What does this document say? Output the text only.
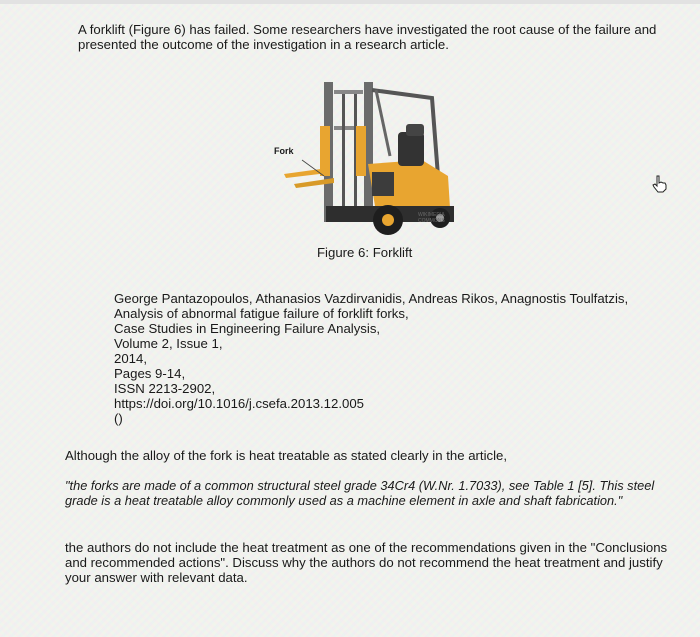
A forklift (Figure 6) has failed. Some researchers have investigated the root cause of the failure and presented the outcome of the investigation in a research article.

Fork
WIKIMEDIA
COMMONS

Figure 6: Forklift

George Pantazopoulos, Athanasios Vazdirvanidis, Andreas Rikos, Anagnostis Toulfatzis,
Analysis of abnormal fatigue failure of forklift forks,
Case Studies in Engineering Failure Analysis,
Volume 2, Issue 1,
2014,
Pages 9-14,
ISSN 2213-2902,
https://doi.org/10.1016/j.csefa.2013.12.005
()

Although the alloy of the fork is heat treatable as stated clearly in the article,

"the forks are made of a common structural steel grade 34Cr4 (W.Nr. 1.7033), see Table 1 [5]. This steel grade is a heat treatable alloy commonly used as a machine element in axle and shaft fabrication."

the authors do not include the heat treatment as one of the recommendations given in the "Conclusions and recommended actions". Discuss why the authors do not recommend the heat treatment and justify your answer with relevant data.
